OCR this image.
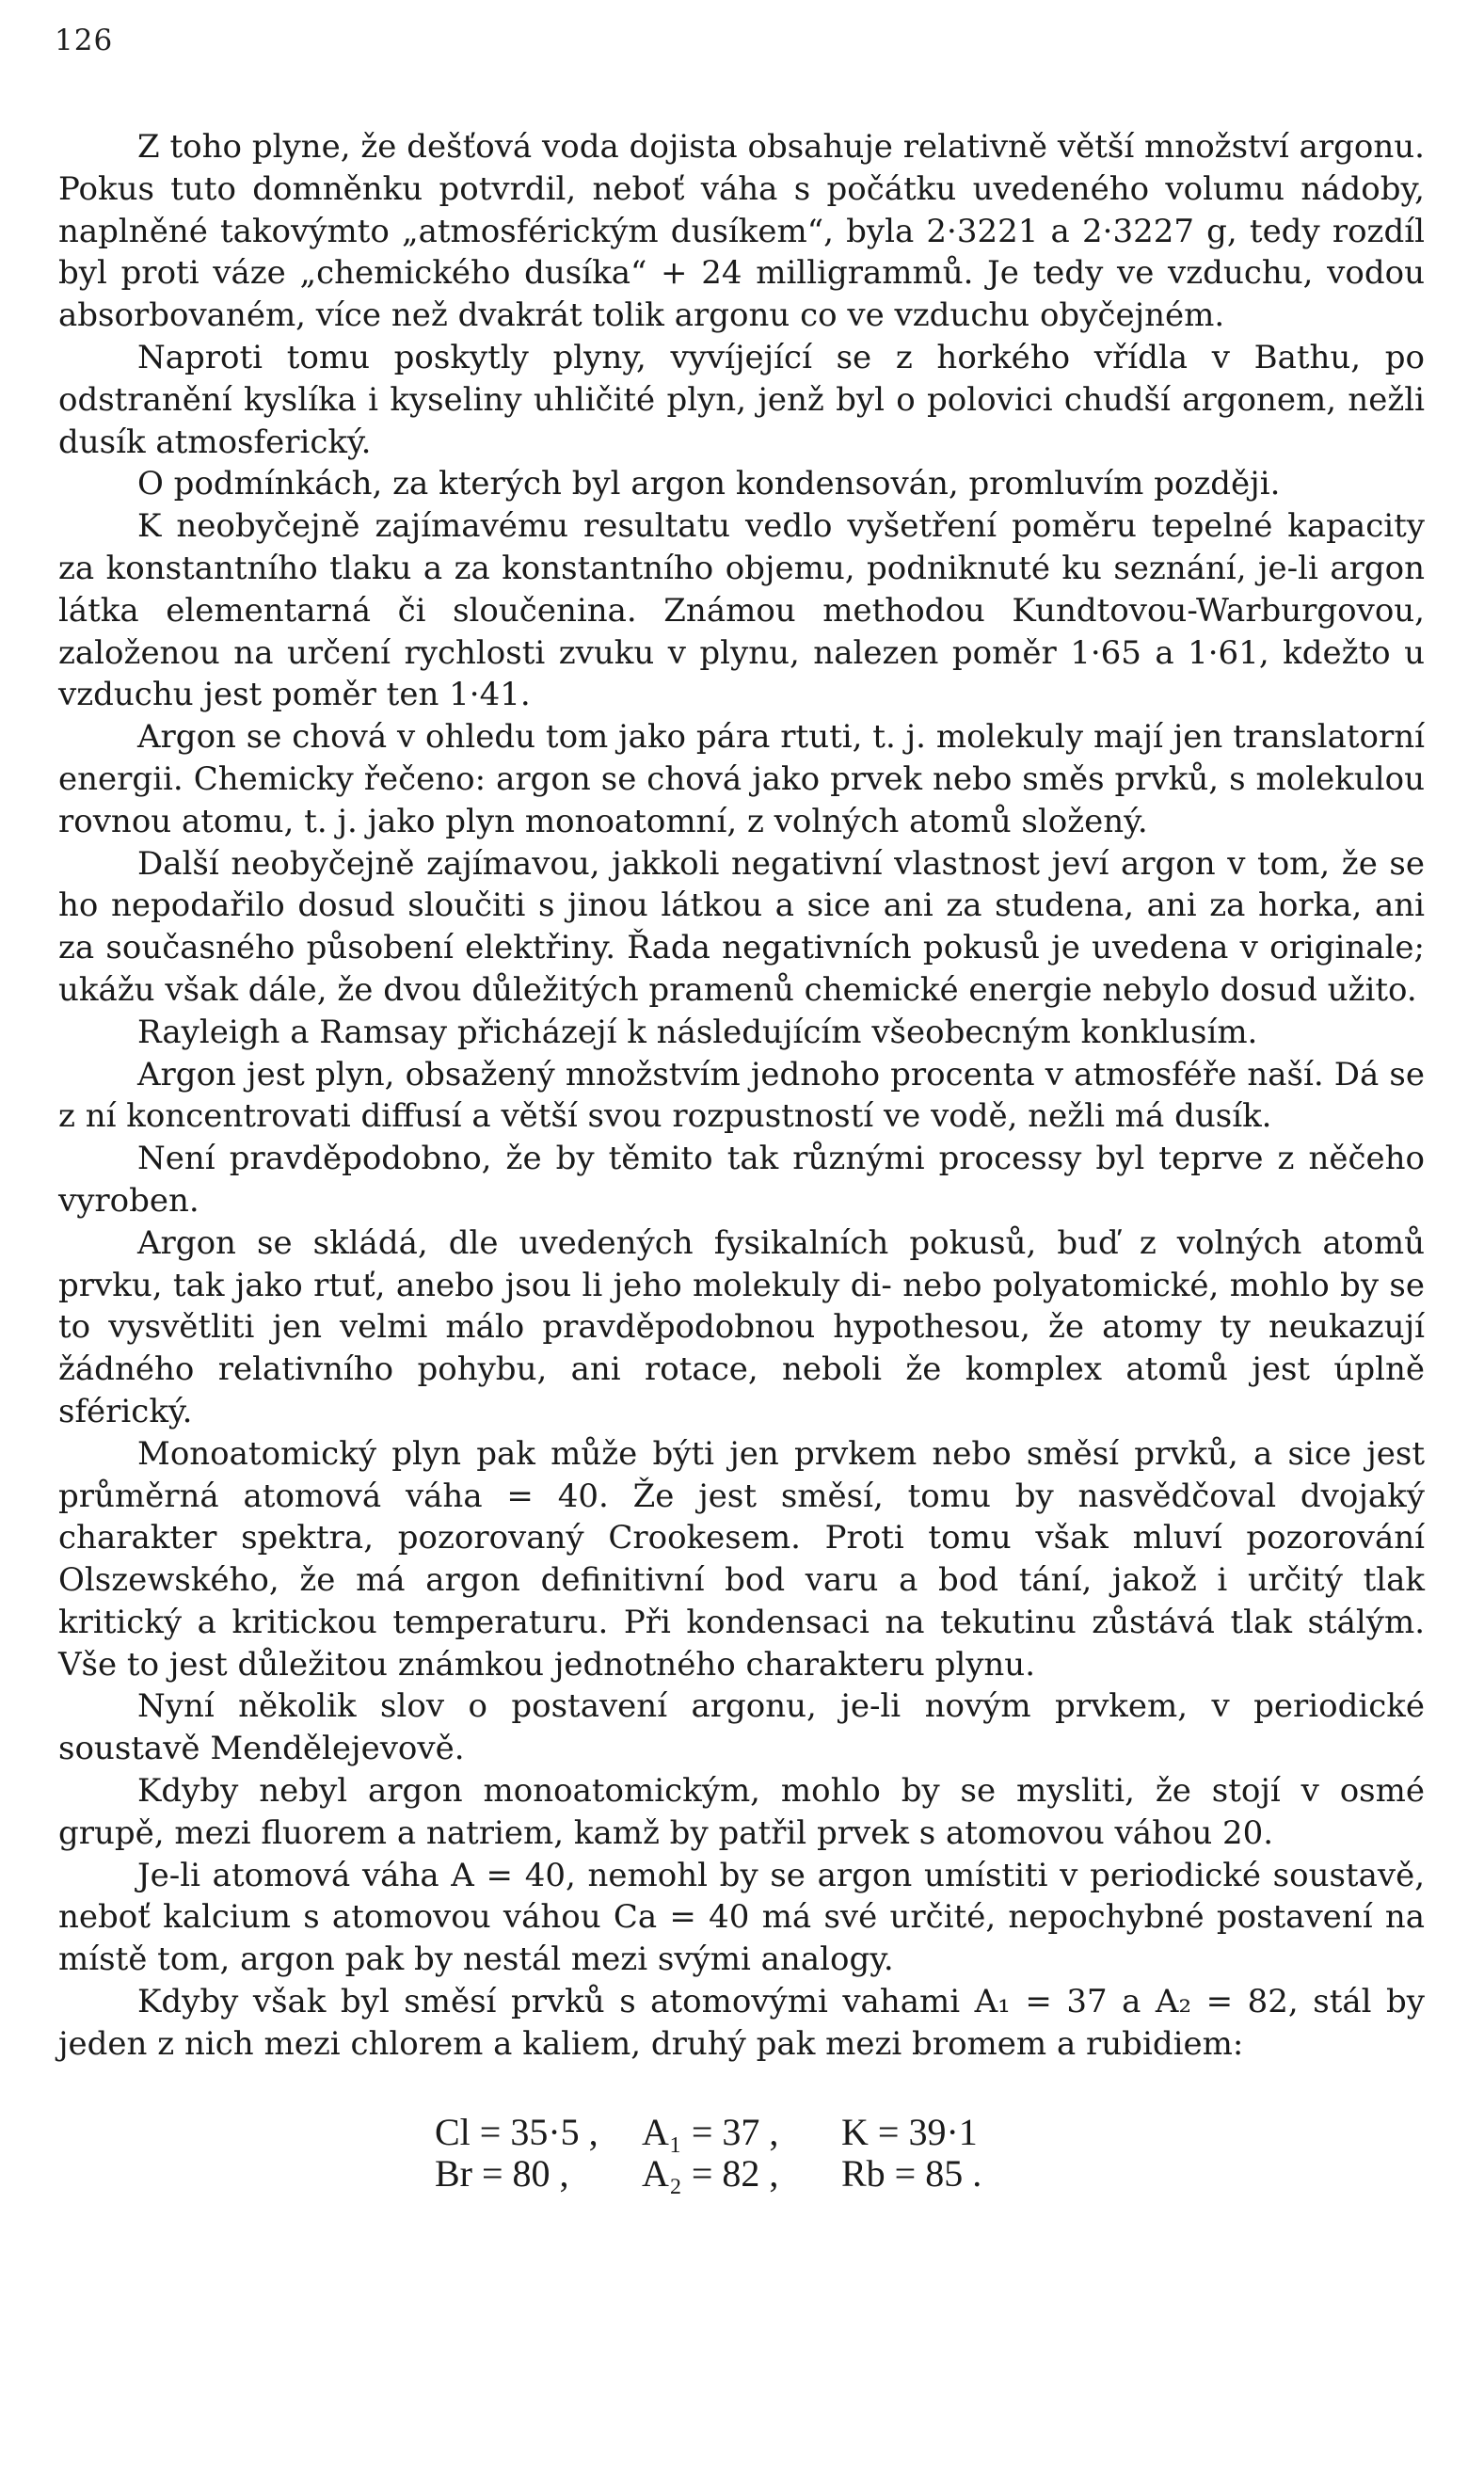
126

Z toho plyne, že dešťová voda dojista obsahuje relativně větší množství argonu. Pokus tuto domněnku potvrdil, neboť váha s počátku uvedeného volumu nádoby, naplněné takovýmto „atmosférickým dusíkem“, byla 2·3221 a 2·3227 g, tedy rozdíl byl proti váze „chemického dusíka“ + 24 milligrammů. Je tedy ve vzduchu, vodou absorbovaném, více než dvakrát tolik argonu co ve vzduchu obyčejném.

Naproti tomu poskytly plyny, vyvíjející se z horkého vřídla v Bathu, po odstranění kyslíka i kyseliny uhličité plyn, jenž byl o polovici chudší argonem, nežli dusík atmosferický.

O podmínkách, za kterých byl argon kondensován, promluvím později.

K neobyčejně zajímavému resultatu vedlo vyšetření poměru tepelné kapacity za konstantního tlaku a za konstantního objemu, podniknuté ku seznání, je-li argon látka elementarná či sloučenina. Známou methodou Kundtovou-Warburgovou, založenou na určení rychlosti zvuku v plynu, nalezen poměr 1·65 a 1·61, kdežto u vzduchu jest poměr ten 1·41.

Argon se chová v ohledu tom jako pára rtuti, t. j. molekuly mají jen translatorní energii. Chemicky řečeno: argon se chová jako prvek nebo směs prvků, s molekulou rovnou atomu, t. j. jako plyn monoatomní, z volných atomů složený.

Další neobyčejně zajímavou, jakkoli negativní vlastnost jeví argon v tom, že se ho nepodařilo dosud sloučiti s jinou látkou a sice ani za studena, ani za horka, ani za současného působení elektřiny. Řada negativních pokusů je uvedena v originale; ukážu však dále, že dvou důležitých pramenů chemické energie nebylo dosud užito.

Rayleigh a Ramsay přicházejí k následujícím všeobecným konklusím.

Argon jest plyn, obsažený množstvím jednoho procenta v atmosféře naší. Dá se z ní koncentrovati diffusí a větší svou rozpustností ve vodě, nežli má dusík.

Není pravděpodobno, že by těmito tak různými processy byl teprve z něčeho vyroben.

Argon se skládá, dle uvedených fysikalních pokusů, buď z volných atomů prvku, tak jako rtuť, anebo jsou li jeho molekuly di- nebo polyatomické, mohlo by se to vysvětliti jen velmi málo pravděpodobnou hypothesou, že atomy ty neukazují žádného relativního pohybu, ani rotace, neboli že komplex atomů jest úplně sférický.

Monoatomický plyn pak může býti jen prvkem nebo směsí prvků, a sice jest průměrná atomová váha = 40. Že jest směsí, tomu by nasvědčoval dvojaký charakter spektra, pozorovaný Crookesem. Proti tomu však mluví pozorování Olszewského, že má argon definitivní bod varu a bod tání, jakož i určitý tlak kritický a kritickou temperaturu. Při kondensaci na tekutinu zůstává tlak stálým. Vše to jest důležitou známkou jednotného charakteru plynu.

Nyní několik slov o postavení argonu, je-li novým prvkem, v periodické soustavě Mendělejevově.

Kdyby nebyl argon monoatomickým, mohlo by se mysliti, že stojí v osmé grupě, mezi fluorem a natriem, kamž by patřil prvek s atomovou váhou 20.

Je-li atomová váha A = 40, nemohl by se argon umístiti v periodické soustavě, neboť kalcium s atomovou váhou Ca = 40 má své určité, nepochybné postavení na místě tom, argon pak by nestál mezi svými analogy.

Kdyby však byl směsí prvků s atomovými vahami A₁ = 37 a A₂ = 82, stál by jeden z nich mezi chlorem a kaliem, druhý pak mezi bromem a rubidiem:

Cl = 35·5 , A₁ = 37 , K = 39·1
Br = 80 , A₂ = 82 , Rb = 85 .
